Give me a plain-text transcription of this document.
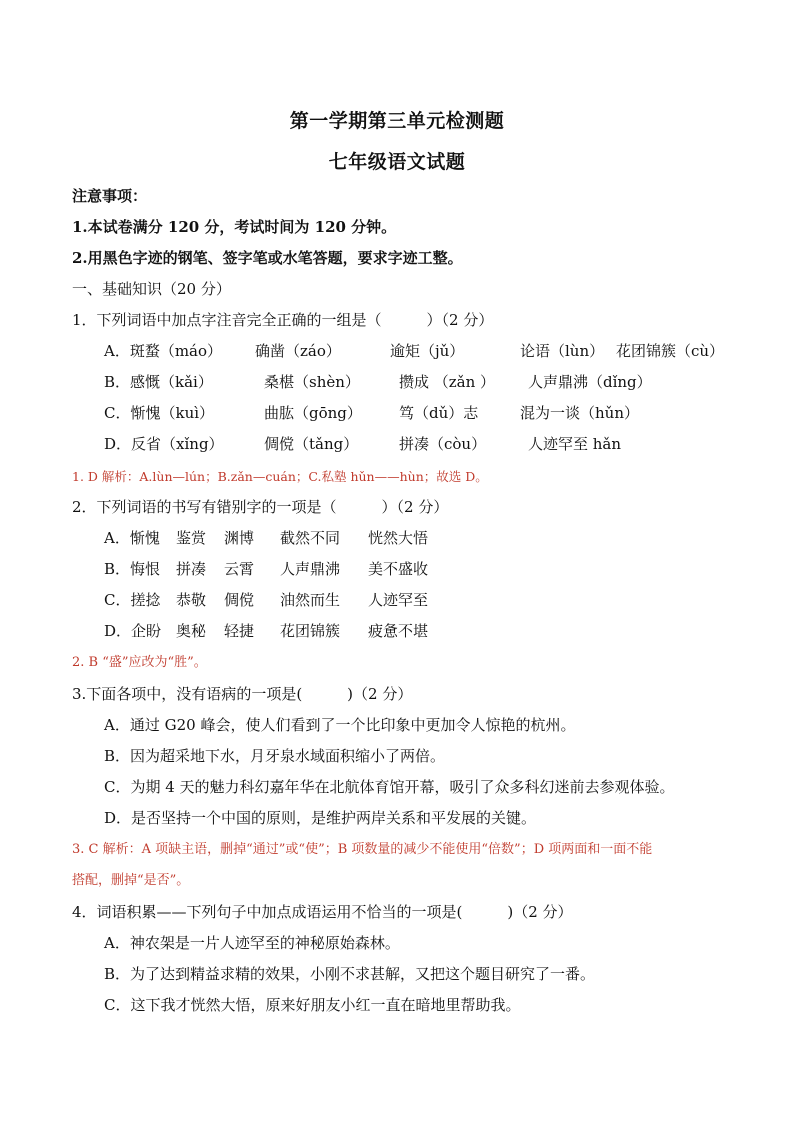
第一学期第三单元检测题
七年级语文试题
注意事项：
1.本试卷满分 120 分，考试时间为 120 分钟。
2.用黑色字迹的钢笔、签字笔或水笔答题，要求字迹工整。
一、基础知识（20 分）
1．下列词语中加点字注音完全正确的一组是（　　　）（2 分）
A．斑蝥（máo） 确凿（záo）	逾矩（jǔ）	论语（lùn） 花团锦簇（cù）
B．感慨（kǎi）	桑椹（shèn）	攒成 （zǎn ） 人声鼎沸（dǐng）
C．惭愧（kuì）	曲肱（gōng） 笃（dǔ）志	混为一谈（hǔn）
D．反省（xǐng）	倜傥（tǎng）	拼凑（còu）	人迹罕至 hǎn
1. D 解析：A.lùn—lún；B.zǎn—cuán；C.私塾 hǔn——hùn；故选 D。
2．下列词语的书写有错别字的一项是（　　　）（2 分）
A．惭愧 鉴赏 渊博 截然不同 恍然大悟
B．悔恨 拼凑 云霄 人声鼎沸 美不盛收
C．搓捻 恭敬 倜傥 油然而生 人迹罕至
D．企盼 奥秘 轻捷 花团锦簇 疲惫不堪
2. B “盛”应改为“胜”。
3.下面各项中，没有语病的一项是(　　　)（2 分）
A．通过 G20 峰会，使人们看到了一个比印象中更加令人惊艳的杭州。
B．因为超采地下水，月牙泉水域面积缩小了两倍。
C．为期 4 天的魅力科幻嘉年华在北航体育馆开幕，吸引了众多科幻迷前去参观体验。
D．是否坚持一个中国的原则，是维护两岸关系和平发展的关键。
3. C 解析：A 项缺主语，删掉“通过”或“使”；B 项数量的减少不能使用“倍数”；D 项两面和一面不能
搭配，删掉“是否”。
4．词语积累——下列句子中加点成语运用不恰当的一项是(　　　)（2 分）
A．神农架是一片人迹罕至的神秘原始森林。
B．为了达到精益求精的效果，小刚不求甚解，又把这个题目研究了一番。
C．这下我才恍然大悟，原来好朋友小红一直在暗地里帮助我。
